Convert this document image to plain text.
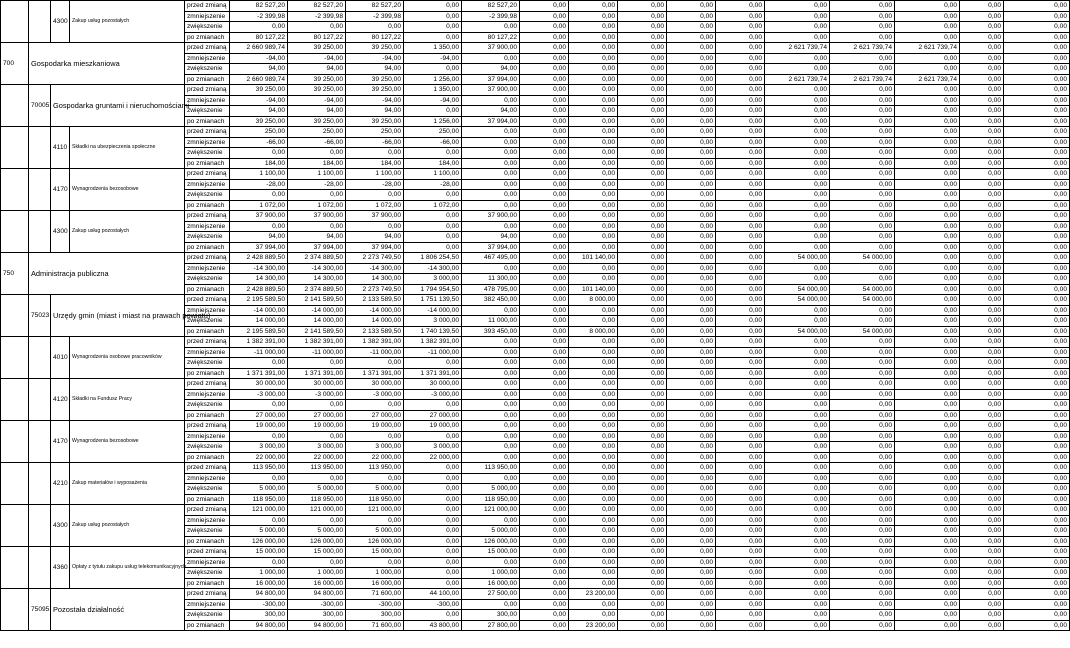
		4300	Zakup usług pozostałych	przed zmianą	82 527,20	82 527,20	82 527,20	0,00	82 527,20	0,00	0,00	0,00	0,00	0,00	0,00	0,00	0,00	0,00	0,00
				zmniejszenie	-2 399,98	-2 399,98	-2 399,98	0,00	-2 399,98	0,00	0,00	0,00	0,00	0,00	0,00	0,00	0,00	0,00	0,00
				zwiększenie	0,00	0,00	0,00	0,00	0,00	0,00	0,00	0,00	0,00	0,00	0,00	0,00	0,00	0,00	0,00
				po zmianach	80 127,22	80 127,22	80 127,22	0,00	80 127,22	0,00	0,00	0,00	0,00	0,00	0,00	0,00	0,00	0,00	0,00
700	Gospodarka mieszkaniowa			przed zmianą	2 660 989,74	39 250,00	39 250,00	1 350,00	37 900,00	0,00	0,00	0,00	0,00	0,00	2 621 739,74	2 621 739,74	2 621 739,74	0,00	0,00
				zmniejszenie	-94,00	-94,00	-94,00	-94,00	0,00	0,00	0,00	0,00	0,00	0,00	0,00	0,00	0,00	0,00	0,00
				zwiększenie	94,00	94,00	94,00	0,00	94,00	0,00	0,00	0,00	0,00	0,00	0,00	0,00	0,00	0,00	0,00
				po zmianach	2 660 989,74	39 250,00	39 250,00	1 256,00	37 994,00	0,00	0,00	0,00	0,00	0,00	2 621 739,74	2 621 739,74	2 621 739,74	0,00	0,00
	70005	Gospodarka gruntami i nieruchomościami		przed zmianą	39 250,00	39 250,00	39 250,00	1 350,00	37 900,00	0,00	0,00	0,00	0,00	0,00	0,00	0,00	0,00	0,00	0,00
				zmniejszenie	-94,00	-94,00	-94,00	-94,00	0,00	0,00	0,00	0,00	0,00	0,00	0,00	0,00	0,00	0,00	0,00
				zwiększenie	94,00	94,00	94,00	0,00	94,00	0,00	0,00	0,00	0,00	0,00	0,00	0,00	0,00	0,00	0,00
				po zmianach	39 250,00	39 250,00	39 250,00	1 256,00	37 994,00	0,00	0,00	0,00	0,00	0,00	0,00	0,00	0,00	0,00	0,00
		4110	Składki na ubezpieczenia społeczne	przed zmianą	250,00	250,00	250,00	250,00	0,00	0,00	0,00	0,00	0,00	0,00	0,00	0,00	0,00	0,00	0,00
				zmniejszenie	-66,00	-66,00	-66,00	-66,00	0,00	0,00	0,00	0,00	0,00	0,00	0,00	0,00	0,00	0,00	0,00
				zwiększenie	0,00	0,00	0,00	0,00	0,00	0,00	0,00	0,00	0,00	0,00	0,00	0,00	0,00	0,00	0,00
				po zmianach	184,00	184,00	184,00	184,00	0,00	0,00	0,00	0,00	0,00	0,00	0,00	0,00	0,00	0,00	0,00
		4170	Wynagrodzenia bezosobowe	przed zmianą	1 100,00	1 100,00	1 100,00	1 100,00	0,00	0,00	0,00	0,00	0,00	0,00	0,00	0,00	0,00	0,00	0,00
				zmniejszenie	-28,00	-28,00	-28,00	-28,00	0,00	0,00	0,00	0,00	0,00	0,00	0,00	0,00	0,00	0,00	0,00
				zwiększenie	0,00	0,00	0,00	0,00	0,00	0,00	0,00	0,00	0,00	0,00	0,00	0,00	0,00	0,00	0,00
				po zmianach	1 072,00	1 072,00	1 072,00	1 072,00	0,00	0,00	0,00	0,00	0,00	0,00	0,00	0,00	0,00	0,00	0,00
		4300	Zakup usług pozostałych	przed zmianą	37 900,00	37 900,00	37 900,00	0,00	37 900,00	0,00	0,00	0,00	0,00	0,00	0,00	0,00	0,00	0,00	0,00
				zmniejszenie	0,00	0,00	0,00	0,00	0,00	0,00	0,00	0,00	0,00	0,00	0,00	0,00	0,00	0,00	0,00
				zwiększenie	94,00	94,00	94,00	0,00	94,00	0,00	0,00	0,00	0,00	0,00	0,00	0,00	0,00	0,00	0,00
				po zmianach	37 994,00	37 994,00	37 994,00	0,00	37 994,00	0,00	0,00	0,00	0,00	0,00	0,00	0,00	0,00	0,00	0,00
750	Administracja publiczna			przed zmianą	2 428 889,50	2 374 889,50	2 273 749,50	1 806 254,50	467 495,00	0,00	101 140,00	0,00	0,00	0,00	54 000,00	54 000,00	0,00	0,00	0,00
				zmniejszenie	-14 300,00	-14 300,00	-14 300,00	-14 300,00	0,00	0,00	0,00	0,00	0,00	0,00	0,00	0,00	0,00	0,00	0,00
				zwiększenie	14 300,00	14 300,00	14 300,00	3 000,00	11 300,00	0,00	0,00	0,00	0,00	0,00	0,00	0,00	0,00	0,00	0,00
				po zmianach	2 428 889,50	2 374 889,50	2 273 749,50	1 794 954,50	478 795,00	0,00	101 140,00	0,00	0,00	0,00	54 000,00	54 000,00	0,00	0,00	0,00
	75023	Urzędy gmin (miast i miast na prawach powiatu)		przed zmianą	2 195 589,50	2 141 589,50	2 133 589,50	1 751 139,50	382 450,00	0,00	8 000,00	0,00	0,00	0,00	54 000,00	54 000,00	0,00	0,00	0,00
				zmniejszenie	-14 000,00	-14 000,00	-14 000,00	-14 000,00	0,00	0,00	0,00	0,00	0,00	0,00	0,00	0,00	0,00	0,00	0,00
				zwiększenie	14 000,00	14 000,00	14 000,00	3 000,00	11 000,00	0,00	0,00	0,00	0,00	0,00	0,00	0,00	0,00	0,00	0,00
				po zmianach	2 195 589,50	2 141 589,50	2 133 589,50	1 740 139,50	393 450,00	0,00	8 000,00	0,00	0,00	0,00	54 000,00	54 000,00	0,00	0,00	0,00
		4010	Wynagrodzenia osobowe pracowników	przed zmianą	1 382 391,00	1 382 391,00	1 382 391,00	1 382 391,00	0,00	0,00	0,00	0,00	0,00	0,00	0,00	0,00	0,00	0,00	0,00
				zmniejszenie	-11 000,00	-11 000,00	-11 000,00	-11 000,00	0,00	0,00	0,00	0,00	0,00	0,00	0,00	0,00	0,00	0,00	0,00
				zwiększenie	0,00	0,00	0,00	0,00	0,00	0,00	0,00	0,00	0,00	0,00	0,00	0,00	0,00	0,00	0,00
				po zmianach	1 371 391,00	1 371 391,00	1 371 391,00	1 371 391,00	0,00	0,00	0,00	0,00	0,00	0,00	0,00	0,00	0,00	0,00	0,00
		4120	Składki na Fundusz Pracy	przed zmianą	30 000,00	30 000,00	30 000,00	30 000,00	0,00	0,00	0,00	0,00	0,00	0,00	0,00	0,00	0,00	0,00	0,00
				zmniejszenie	-3 000,00	-3 000,00	-3 000,00	-3 000,00	0,00	0,00	0,00	0,00	0,00	0,00	0,00	0,00	0,00	0,00	0,00
				zwiększenie	0,00	0,00	0,00	0,00	0,00	0,00	0,00	0,00	0,00	0,00	0,00	0,00	0,00	0,00	0,00
				po zmianach	27 000,00	27 000,00	27 000,00	27 000,00	0,00	0,00	0,00	0,00	0,00	0,00	0,00	0,00	0,00	0,00	0,00
		4170	Wynagrodzenia bezosobowe	przed zmianą	19 000,00	19 000,00	19 000,00	19 000,00	0,00	0,00	0,00	0,00	0,00	0,00	0,00	0,00	0,00	0,00	0,00
				zmniejszenie	0,00	0,00	0,00	0,00	0,00	0,00	0,00	0,00	0,00	0,00	0,00	0,00	0,00	0,00	0,00
				zwiększenie	3 000,00	3 000,00	3 000,00	3 000,00	0,00	0,00	0,00	0,00	0,00	0,00	0,00	0,00	0,00	0,00	0,00
				po zmianach	22 000,00	22 000,00	22 000,00	22 000,00	0,00	0,00	0,00	0,00	0,00	0,00	0,00	0,00	0,00	0,00	0,00
		4210	Zakup materiałów i wyposażenia	przed zmianą	113 950,00	113 950,00	113 950,00	0,00	113 950,00	0,00	0,00	0,00	0,00	0,00	0,00	0,00	0,00	0,00	0,00
				zmniejszenie	0,00	0,00	0,00	0,00	0,00	0,00	0,00	0,00	0,00	0,00	0,00	0,00	0,00	0,00	0,00
				zwiększenie	5 000,00	5 000,00	5 000,00	0,00	5 000,00	0,00	0,00	0,00	0,00	0,00	0,00	0,00	0,00	0,00	0,00
				po zmianach	118 950,00	118 950,00	118 950,00	0,00	118 950,00	0,00	0,00	0,00	0,00	0,00	0,00	0,00	0,00	0,00	0,00
		4300	Zakup usług pozostałych	przed zmianą	121 000,00	121 000,00	121 000,00	0,00	121 000,00	0,00	0,00	0,00	0,00	0,00	0,00	0,00	0,00	0,00	0,00
				zmniejszenie	0,00	0,00	0,00	0,00	0,00	0,00	0,00	0,00	0,00	0,00	0,00	0,00	0,00	0,00	0,00
				zwiększenie	5 000,00	5 000,00	5 000,00	0,00	5 000,00	0,00	0,00	0,00	0,00	0,00	0,00	0,00	0,00	0,00	0,00
				po zmianach	126 000,00	126 000,00	126 000,00	0,00	126 000,00	0,00	0,00	0,00	0,00	0,00	0,00	0,00	0,00	0,00	0,00
		4360	Opłaty z tytułu zakupu usług telekomunikacyjnych	przed zmianą	15 000,00	15 000,00	15 000,00	0,00	15 000,00	0,00	0,00	0,00	0,00	0,00	0,00	0,00	0,00	0,00	0,00
				zmniejszenie	0,00	0,00	0,00	0,00	0,00	0,00	0,00	0,00	0,00	0,00	0,00	0,00	0,00	0,00	0,00
				zwiększenie	1 000,00	1 000,00	1 000,00	0,00	1 000,00	0,00	0,00	0,00	0,00	0,00	0,00	0,00	0,00	0,00	0,00
				po zmianach	16 000,00	16 000,00	16 000,00	0,00	16 000,00	0,00	0,00	0,00	0,00	0,00	0,00	0,00	0,00	0,00	0,00
	75095	Pozostała działalność		przed zmianą	94 800,00	94 800,00	71 600,00	44 100,00	27 500,00	0,00	23 200,00	0,00	0,00	0,00	0,00	0,00	0,00	0,00	0,00
				zmniejszenie	-300,00	-300,00	-300,00	-300,00	0,00	0,00	0,00	0,00	0,00	0,00	0,00	0,00	0,00	0,00	0,00
				zwiększenie	300,00	300,00	300,00	0,00	300,00	0,00	0,00	0,00	0,00	0,00	0,00	0,00	0,00	0,00	0,00
				po zmianach	94 800,00	94 800,00	71 600,00	43 800,00	27 800,00	0,00	23 200,00	0,00	0,00	0,00	0,00	0,00	0,00	0,00	0,00
